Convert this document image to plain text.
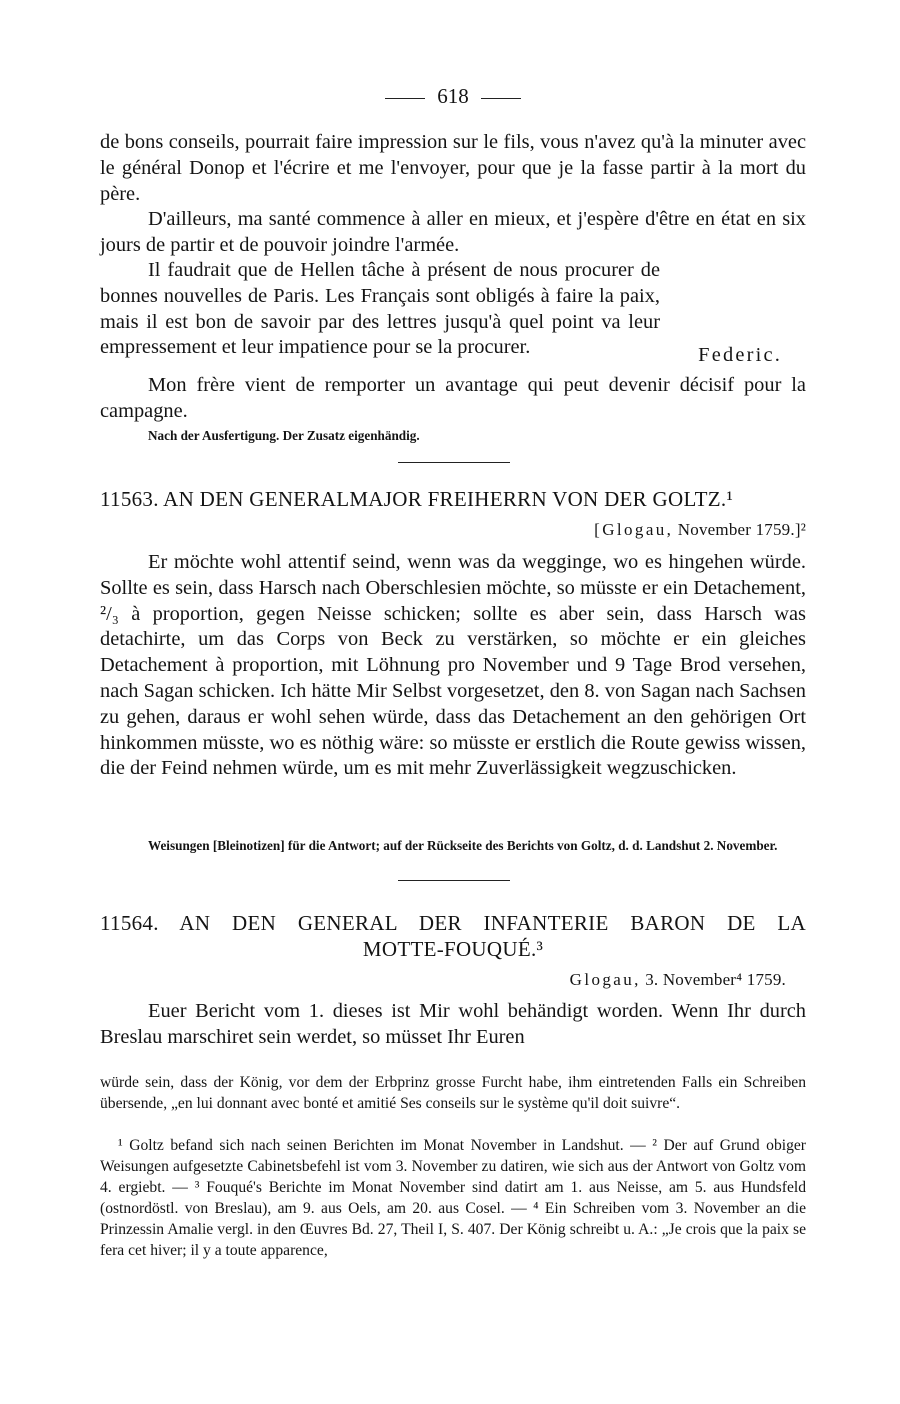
618

de bons conseils, pourrait faire impression sur le fils, vous n'avez qu'à la minuter avec le général Donop et l'écrire et me l'envoyer, pour que je la fasse partir à la mort du père.

D'ailleurs, ma santé commence à aller en mieux, et j'espère d'être en état en six jours de partir et de pouvoir joindre l'armée.

Il faudrait que de Hellen tâche à présent de nous procurer de bonnes nouvelles de Paris. Les Français sont obligés à faire la paix, mais il est bon de savoir par des lettres jusqu'à quel point va leur empressement et leur impatience pour se la procurer.	Federic.

Mon frère vient de remporter un avantage qui peut devenir décisif pour la campagne.

Nach der Ausfertigung. Der Zusatz eigenhändig.

11563. AN DEN GENERALMAJOR FREIHERRN VON DER GOLTZ.¹

[Glogau, November 1759.]²

Er möchte wohl attentif seind, wenn was da wegginge, wo es hingehen würde. Sollte es sein, dass Harsch nach Oberschlesien möchte, so müsste er ein Detachement, ²/₃ à proportion, gegen Neisse schicken; sollte es aber sein, dass Harsch was detachirte, um das Corps von Beck zu verstärken, so möchte er ein gleiches Detachement à proportion, mit Löhnung pro November und 9 Tage Brod versehen, nach Sagan schicken. Ich hätte Mir Selbst vorgesetzet, den 8. von Sagan nach Sachsen zu gehen, daraus er wohl sehen würde, dass das Detachement an den gehörigen Ort hinkommen müsste, wo es nöthig wäre: so müsste er erstlich die Route gewiss wissen, die der Feind nehmen würde, um es mit mehr Zuverlässigkeit wegzuschicken.

Weisungen [Bleinotizen] für die Antwort; auf der Rückseite des Berichts von Goltz, d. d. Landshut 2. November.

11564. AN DEN GENERAL DER INFANTERIE BARON DE LA

MOTTE-FOUQUÉ.³

Glogau, 3. November⁴ 1759.

Euer Bericht vom 1. dieses ist Mir wohl behändigt worden. Wenn Ihr durch Breslau marschiret sein werdet, so müsset Ihr Euren

würde sein, dass der König, vor dem der Erbprinz grosse Furcht habe, ihm eintretenden Falls ein Schreiben übersende, „en lui donnant avec bonté et amitié Ses conseils sur le système qu'il doit suivre“.

¹ Goltz befand sich nach seinen Berichten im Monat November in Landshut. — ² Der auf Grund obiger Weisungen aufgesetzte Cabinetsbefehl ist vom 3. November zu datiren, wie sich aus der Antwort von Goltz vom 4. ergiebt. — ³ Fouqué's Berichte im Monat November sind datirt am 1. aus Neisse, am 5. aus Hundsfeld (ostnordöstl. von Breslau), am 9. aus Oels, am 20. aus Cosel. — ⁴ Ein Schreiben vom 3. November an die Prinzessin Amalie vergl. in den Œuvres Bd. 27, Theil I, S. 407. Der König schreibt u. A.: „Je crois que la paix se fera cet hiver; il y a toute apparence,
